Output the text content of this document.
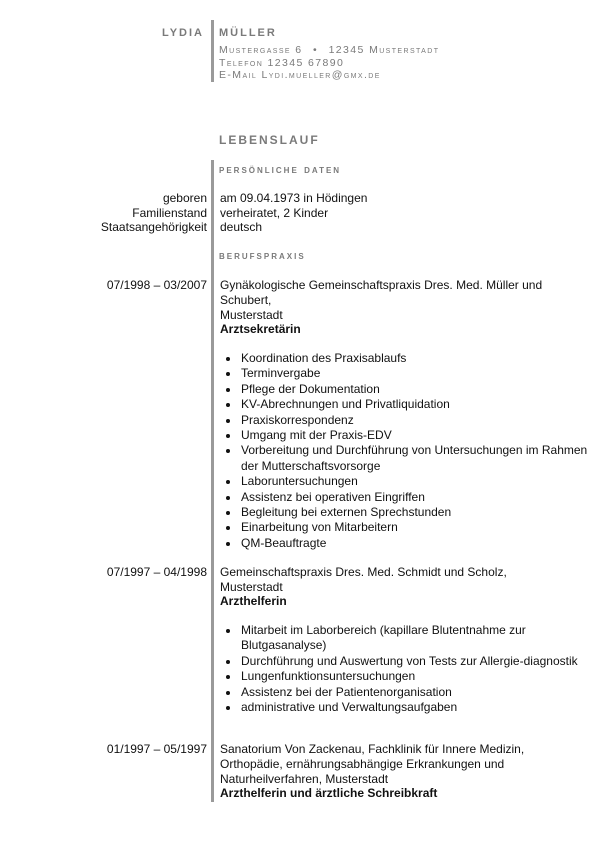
lydia müller
Mustergasse 6 • 12345 Musterstadt
Telefon 12345 67890
E-Mail Lydi.mueller@gmx.de
lebenslauf
persönliche daten
geboren am 09.04.1973 in Hödingen
Familienstand verheiratet, 2 Kinder
Staatsangehörigkeit deutsch
berufspraxis
07/1998 – 03/2007 Gynäkologische Gemeinschaftspraxis Dres. Med. Müller und
Schubert,
Musterstadt
Arztsekretärin
• Koordination des Praxisablaufs
• Terminvergabe
• Pflege der Dokumentation
• KV-Abrechnungen und Privatliquidation
• Praxiskorrespondenz
• Umgang mit der Praxis-EDV
• Vorbereitung und Durchführung von Untersuchungen im Rahmen der Mutterschaftsvorsorge
• Laboruntersuchungen
• Assistenz bei operativen Eingriffen
• Begleitung bei externen Sprechstunden
• Einarbeitung von Mitarbeitern
• QM-Beauftragte
07/1997 – 04/1998 Gemeinschaftspraxis Dres. Med. Schmidt und Scholz,
Musterstadt
Arzthelferin
• Mitarbeit im Laborbereich (kapillare Blutentnahme zur Blutgasanalyse)
• Durchführung und Auswertung von Tests zur Allergie-diagnostik
• Lungenfunktionsuntersuchungen
• Assistenz bei der Patientenorganisation
• administrative und Verwaltungsaufgaben
01/1997 – 05/1997 Sanatorium Von Zackenau, Fachklinik für Innere Medizin,
Orthopädie, ernährungsabhängige Erkrankungen und
Naturheilverfahren, Musterstadt
Arzthelferin und ärztliche Schreibkraft
